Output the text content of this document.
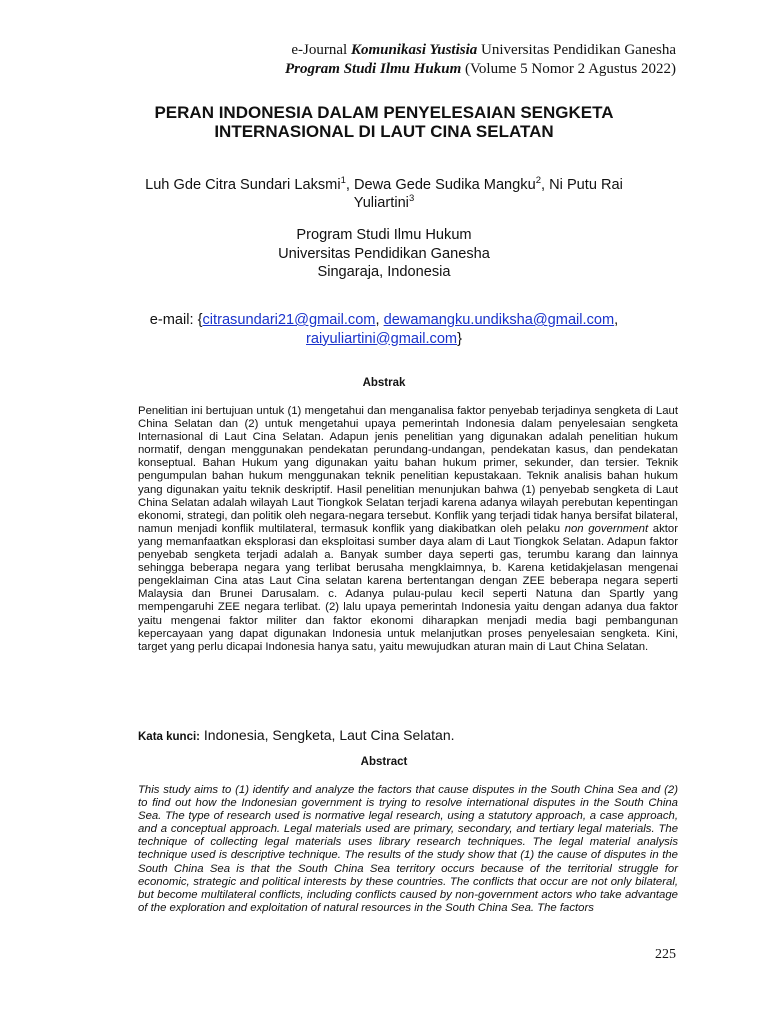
e-Journal Komunikasi Yustisia Universitas Pendidikan Ganesha
Program Studi Ilmu Hukum (Volume 5 Nomor 2 Agustus 2022)
PERAN INDONESIA DALAM PENYELESAIAN SENGKETA
INTERNASIONAL DI LAUT CINA SELATAN
Luh Gde Citra Sundari Laksmi$^1$, Dewa Gede Sudika Mangku$^2$, Ni Putu Rai Yuliartini$^3$
Program Studi Ilmu Hukum
Universitas Pendidikan Ganesha
Singaraja, Indonesia
e-mail: {citrasundari21@gmail.com, dewamangku.undiksha@gmail.com,
raiyuliartini@gmail.com}
Abstrak
Penelitian ini bertujuan untuk (1) mengetahui dan menganalisa faktor penyebab terjadinya sengketa di Laut China Selatan dan (2) untuk mengetahui upaya pemerintah Indonesia dalam penyelesaian sengketa Internasional di Laut Cina Selatan. Adapun jenis penelitian yang digunakan adalah penelitian hukum normatif, dengan menggunakan pendekatan perundang-undangan, pendekatan kasus, dan pendekatan konseptual. Bahan Hukum yang digunakan yaitu bahan hukum primer, sekunder, dan tersier. Teknik pengumpulan bahan hukum menggunakan teknik penelitian kepustakaan. Teknik analisis bahan hukum yang digunakan yaitu teknik deskriptif. Hasil penelitian menunjukan bahwa (1) penyebab sengketa di Laut China Selatan adalah wilayah Laut Tiongkok Selatan terjadi karena adanya wilayah perebutan kepentingan ekonomi, strategi, dan politik oleh negara-negara tersebut. Konflik yang terjadi tidak hanya bersifat bilateral, namun menjadi konflik multilateral, termasuk konflik yang diakibatkan oleh pelaku non government aktor yang memanfaatkan eksplorasi dan eksploitasi sumber daya alam di Laut Tiongkok Selatan. Adapun faktor penyebab sengketa terjadi adalah a. Banyak sumber daya seperti gas, terumbu karang dan lainnya sehingga beberapa negara yang terlibat berusaha mengklaimnya, b. Karena ketidakjelasan mengenai pengeklaiman Cina atas Laut Cina selatan karena bertentangan dengan ZEE beberapa negara seperti Malaysia dan Brunei Darusalam. c. Adanya pulau-pulau kecil seperti Natuna dan Spartly yang mempengaruhi ZEE negara terlibat. (2) lalu upaya pemerintah Indonesia yaitu dengan adanya dua faktor yaitu mengenai faktor militer dan faktor ekonomi diharapkan menjadi media bagi pembangunan kepercayaan yang dapat digunakan Indonesia untuk melanjutkan proses penyelesaian sengketa. Kini, target yang perlu dicapai Indonesia hanya satu, yaitu mewujudkan aturan main di Laut China Selatan.
Kata kunci: Indonesia, Sengketa, Laut Cina Selatan.
Abstract
This study aims to (1) identify and analyze the factors that cause disputes in the South China Sea and (2) to find out how the Indonesian government is trying to resolve international disputes in the South China Sea. The type of research used is normative legal research, using a statutory approach, a case approach, and a conceptual approach. Legal materials used are primary, secondary, and tertiary legal materials. The technique of collecting legal materials uses library research techniques. The legal material analysis technique used is descriptive technique. The results of the study show that (1) the cause of disputes in the South China Sea is that the South China Sea territory occurs because of the territorial struggle for economic, strategic and political interests by these countries. The conflicts that occur are not only bilateral, but become multilateral conflicts, including conflicts caused by non-government actors who take advantage of the exploration and exploitation of natural resources in the South China Sea. The factors
225
